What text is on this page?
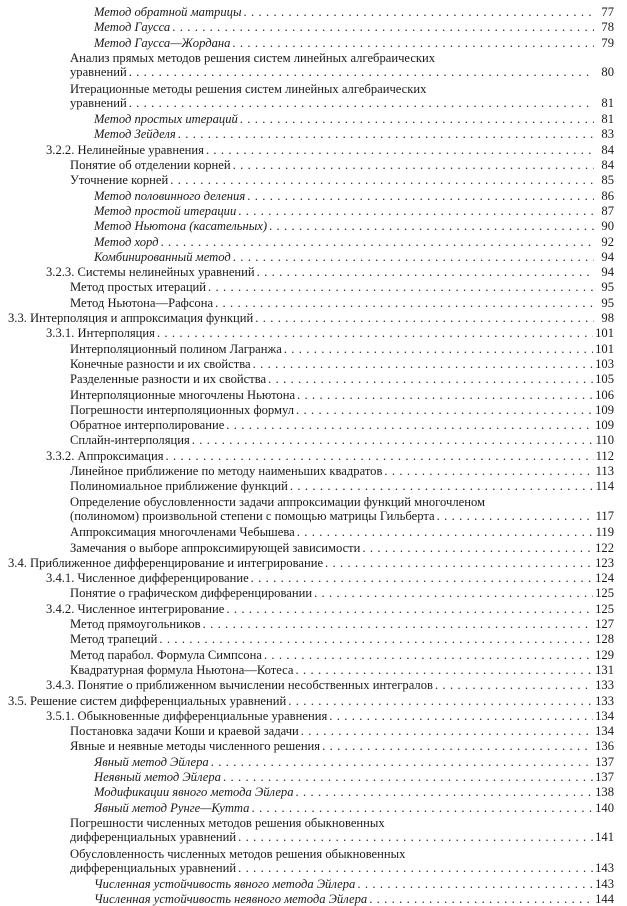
Метод обратной матрицы . . .	77
Метод Гаусса . . .	78
Метод Гаусса—Жордана . . .	79
Анализ прямых методов решения систем линейных алгебраических
уравнений . . .	80
Итерационные методы решения систем линейных алгебраических
уравнений . . .	81
Метод простых итераций . . .	81
Метод Зейделя . . .	83
3.2.2. Нелинейные уравнения . . .	84
Понятие об отделении корней . . .	84
Уточнение корней . . .	85
Метод половинного деления . . .	86
Метод простой итерации . . .	87
Метод Ньютона (касательных) . . .	90
Метод хорд . . .	92
Комбинированный метод . . .	94
3.2.3. Системы нелинейных уравнений . . .	94
Метод простых итераций . . .	95
Метод Ньютона—Рафсона . . .	95
3.3. Интерполяция и аппроксимация функций . . .	98
3.3.1. Интерполяция . . .	101
Интерполяционный полином Лагранжа . . .	101
Конечные разности и их свойства . . .	103
Разделенные разности и их свойства . . .	105
Интерполяционные многочлены Ньютона . . .	106
Погрешности интерполяционных формул . . .	109
Обратное интерполирование . . .	109
Сплайн-интерполяция . . .	110
3.3.2. Аппроксимация . . .	112
Линейное приближение по методу наименьших квадратов . . .	113
Полиномиальное приближение функций . . .	114
Определение обусловленности задачи аппроксимации функций многочленом
(полиномом) произвольной степени с помощью матрицы Гильберта . . .	117
Аппроксимация многочленами Чебышева . . .	119
Замечания о выборе аппроксимирующей зависимости . . .	122
3.4. Приближенное дифференцирование и интегрирование . . .	123
3.4.1. Численное дифференцирование . . .	124
Понятие о графическом дифференцировании . . .	125
3.4.2. Численное интегрирование . . .	125
Метод прямоугольников . . .	127
Метод трапеций . . .	128
Метод парабол. Формула Симпсона . . .	129
Квадратурная формула Ньютона—Котеса . . .	131
3.4.3. Понятие о приближенном вычислении несобственных интегралов . . .	133
3.5. Решение систем дифференциальных уравнений . . .	133
3.5.1. Обыкновенные дифференциальные уравнения . . .	134
Постановка задачи Коши и краевой задачи . . .	134
Явные и неявные методы численного решения . . .	136
Явный метод Эйлера . . .	137
Неявный метод Эйлера . . .	137
Модификации явного метода Эйлера . . .	138
Явный метод Рунге—Кутта . . .	140
Погрешности численных методов решения обыкновенных
дифференциальных уравнений . . .	141
Обусловленность численных методов решения обыкновенных
дифференциальных уравнений . . .	143
Численная устойчивость явного метода Эйлера . . .	143
Численная устойчивость неявного метода Эйлера . . .	144
